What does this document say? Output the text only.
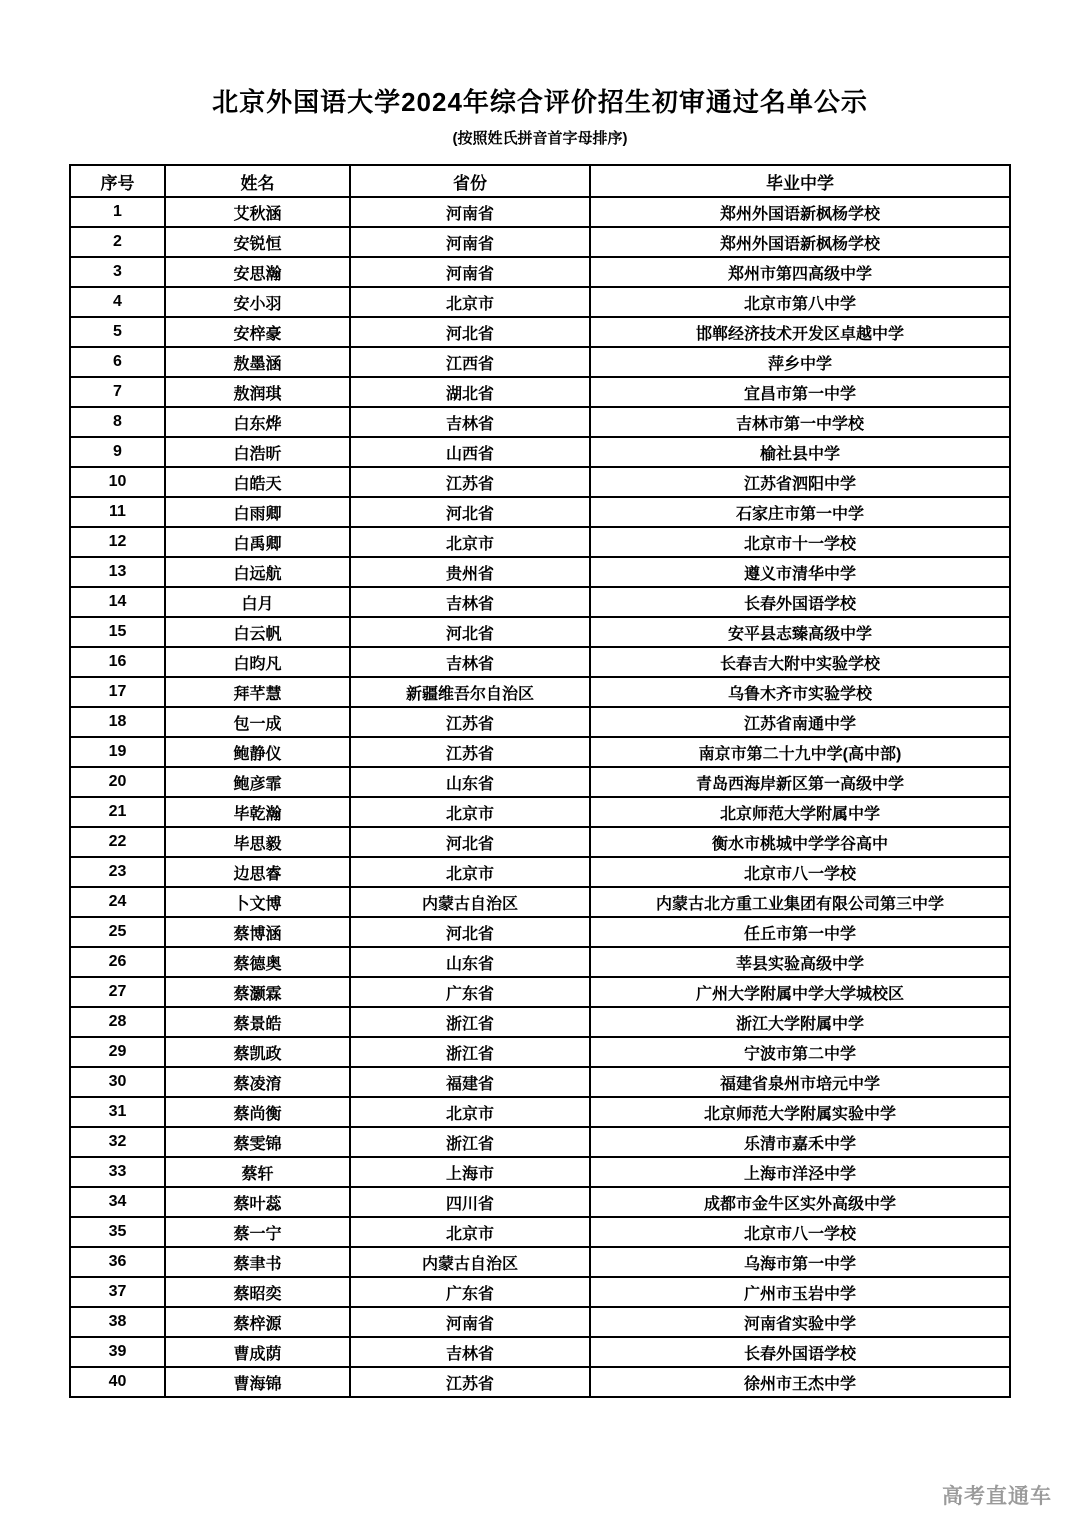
北京外国语大学2024年综合评价招生初审通过名单公示
(按照姓氏拼音首字母排序)
序号	姓名	省份	毕业中学
1	艾秋涵	河南省	郑州外国语新枫杨学校
2	安锐恒	河南省	郑州外国语新枫杨学校
3	安思瀚	河南省	郑州市第四高级中学
4	安小羽	北京市	北京市第八中学
5	安梓豪	河北省	邯郸经济技术开发区卓越中学
6	敖墨涵	江西省	萍乡中学
7	敖润琪	湖北省	宜昌市第一中学
8	白东烨	吉林省	吉林市第一中学校
9	白浩昕	山西省	榆社县中学
10	白皓天	江苏省	江苏省泗阳中学
11	白雨卿	河北省	石家庄市第一中学
12	白禹卿	北京市	北京市十一学校
13	白远航	贵州省	遵义市清华中学
14	白月	吉林省	长春外国语学校
15	白云帆	河北省	安平县志臻高级中学
16	白昀凡	吉林省	长春吉大附中实验学校
17	拜芊慧	新疆维吾尔自治区	乌鲁木齐市实验学校
18	包一成	江苏省	江苏省南通中学
19	鲍静仪	江苏省	南京市第二十九中学(高中部)
20	鲍彦霏	山东省	青岛西海岸新区第一高级中学
21	毕乾瀚	北京市	北京师范大学附属中学
22	毕思毅	河北省	衡水市桃城中学学谷高中
23	边思睿	北京市	北京市八一学校
24	卜文博	内蒙古自治区	内蒙古北方重工业集团有限公司第三中学
25	蔡博涵	河北省	任丘市第一中学
26	蔡德奥	山东省	莘县实验高级中学
27	蔡灏霖	广东省	广州大学附属中学大学城校区
28	蔡景皓	浙江省	浙江大学附属中学
29	蔡凯政	浙江省	宁波市第二中学
30	蔡凌淯	福建省	福建省泉州市培元中学
31	蔡尚衡	北京市	北京师范大学附属实验中学
32	蔡雯锦	浙江省	乐清市嘉禾中学
33	蔡轩	上海市	上海市洋泾中学
34	蔡叶蕊	四川省	成都市金牛区实外高级中学
35	蔡一宁	北京市	北京市八一学校
36	蔡聿书	内蒙古自治区	乌海市第一中学
37	蔡昭奕	广东省	广州市玉岩中学
38	蔡梓源	河南省	河南省实验中学
39	曹成荫	吉林省	长春外国语学校
40	曹海锦	江苏省	徐州市王杰中学
高考直通车
